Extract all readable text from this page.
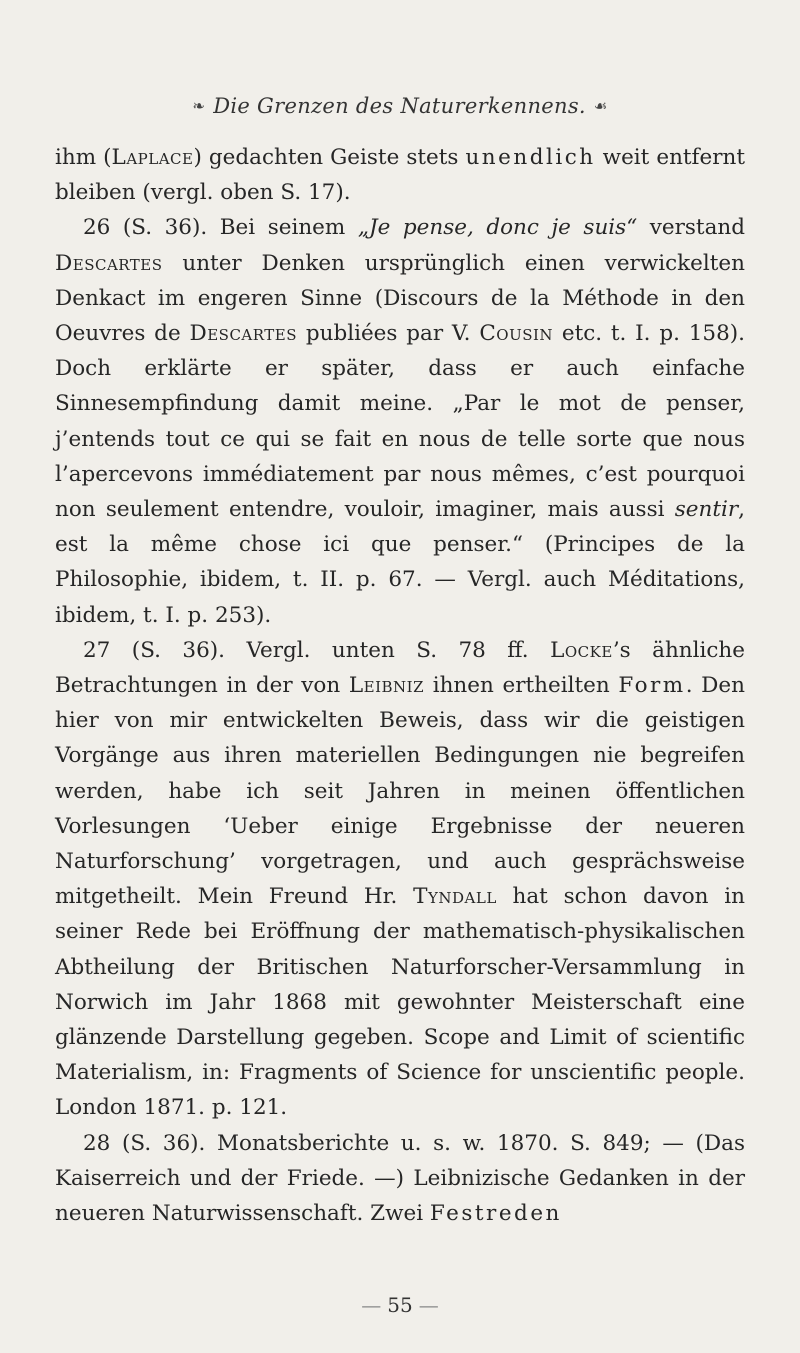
❧ Die Grenzen des Naturerkennens. ☙

ihm (Laplace) gedachten Geiste stets unendlich weit entfernt bleiben (vergl. oben S. 17).

26 (S. 36). Bei seinem „Je pense, donc je suis“ verstand Descartes unter Denken ursprünglich einen verwickelten Denkact im engeren Sinne (Discours de la Méthode in den Oeuvres de Descartes publiées par V. Cousin etc. t. I. p. 158). Doch erklärte er später, dass er auch einfache Sinnesempfindung damit meine. „Par le mot de penser, j’entends tout ce qui se fait en nous de telle sorte que nous l’apercevons immédiatement par nous mêmes, c’est pourquoi non seulement entendre, vouloir, imaginer, mais aussi sentir, est la même chose ici que penser.“ (Principes de la Philosophie, ibidem, t. II. p. 67. — Vergl. auch Méditations, ibidem, t. I. p. 253).

27 (S. 36). Vergl. unten S. 78 ff. Locke’s ähnliche Betrachtungen in der von Leibniz ihnen ertheilten Form. Den hier von mir entwickelten Beweis, dass wir die geistigen Vorgänge aus ihren materiellen Bedingungen nie begreifen werden, habe ich seit Jahren in meinen öffentlichen Vorlesungen ‘Ueber einige Ergebnisse der neueren Naturforschung’ vorgetragen, und auch gesprächsweise mitgetheilt. Mein Freund Hr. Tyndall hat schon davon in seiner Rede bei Eröffnung der mathematisch-physikalischen Abtheilung der Britischen Naturforscher-Versammlung in Norwich im Jahr 1868 mit gewohnter Meisterschaft eine glänzende Darstellung gegeben. Scope and Limit of scientific Materialism, in: Fragments of Science for unscientific people. London 1871. p. 121.

28 (S. 36). Monatsberichte u. s. w. 1870. S. 849; — (Das Kaiserreich und der Friede. —) Leibnizische Gedanken in der neueren Naturwissenschaft. Zwei Festreden

— 55 —
